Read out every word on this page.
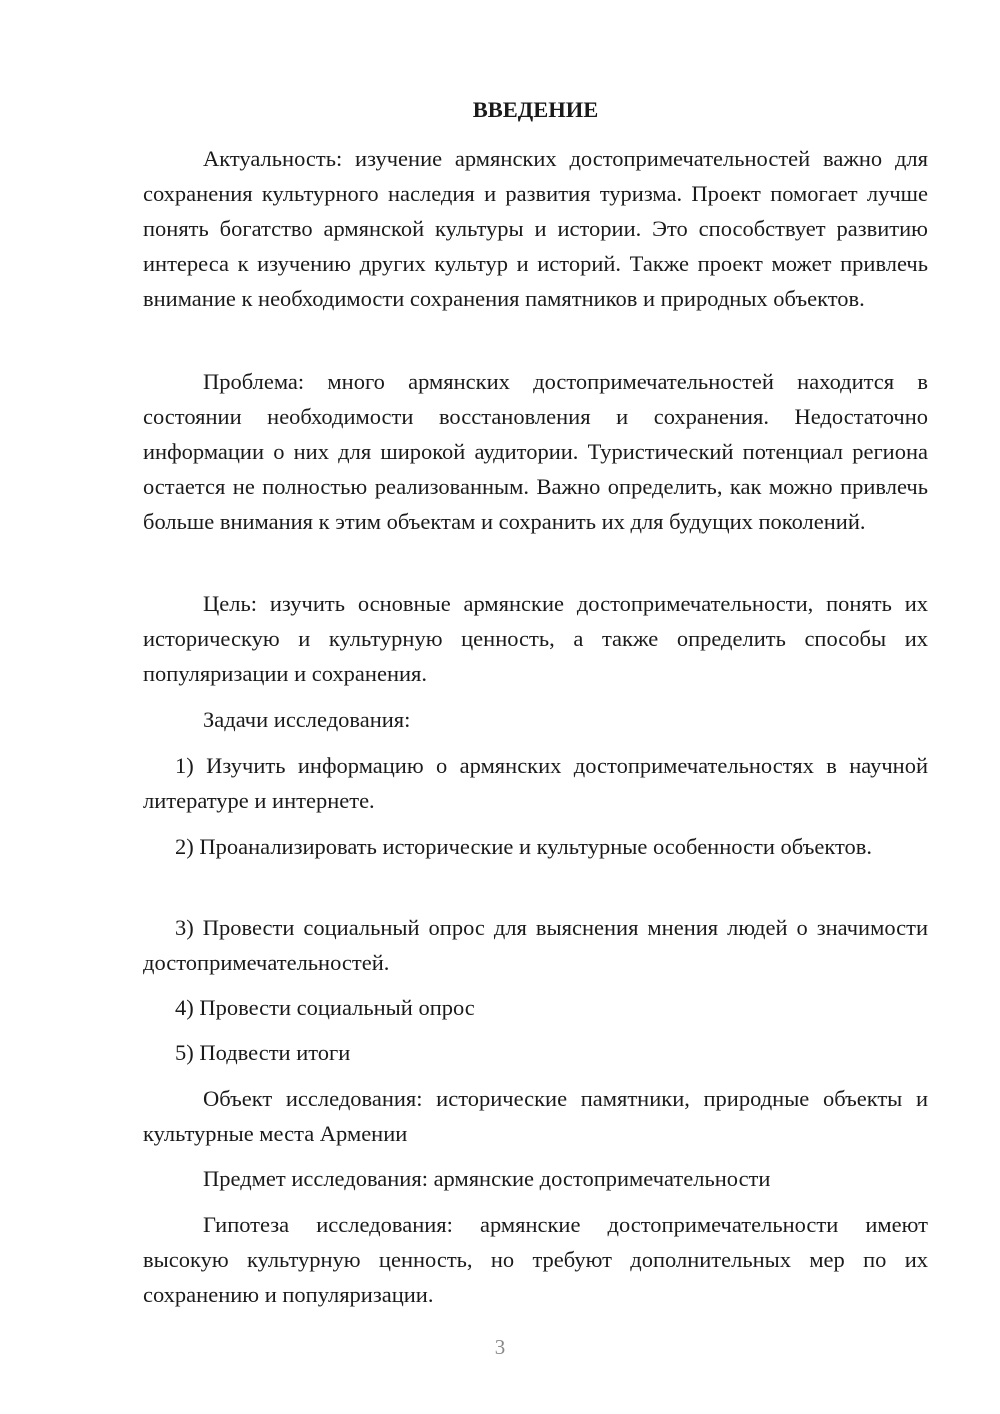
ВВЕДЕНИЕ

Актуальность: изучение армянских достопримечательностей важно для сохранения культурного наследия и развития туризма. Проект помогает лучше понять богатство армянской культуры и истории. Это способствует развитию интереса к изучению других культур и историй. Также проект может привлечь внимание к необходимости сохранения памятников и природных объектов.

Проблема: много армянских достопримечательностей находится в состоянии необходимости восстановления и сохранения. Недостаточно информации о них для широкой аудитории. Туристический потенциал региона остается не полностью реализованным. Важно определить, как можно привлечь больше внимания к этим объектам и сохранить их для будущих поколений.

Цель: изучить основные армянские достопримечательности, понять их историческую и культурную ценность, а также определить способы их популяризации и сохранения.

Задачи исследования:

1) Изучить информацию о армянских достопримечательностях в научной литературе и интернете.

2) Проанализировать исторические и культурные особенности объектов.

3) Провести социальный опрос для выяснения мнения людей о значимости достопримечательностей.

4) Провести социальный опрос

5) Подвести итоги

Объект исследования: исторические памятники, природные объекты и культурные места Армении

Предмет исследования: армянские достопримечательности

Гипотеза исследования: армянские достопримечательности имеют высокую культурную ценность, но требуют дополнительных мер по их сохранению и популяризации.

3
